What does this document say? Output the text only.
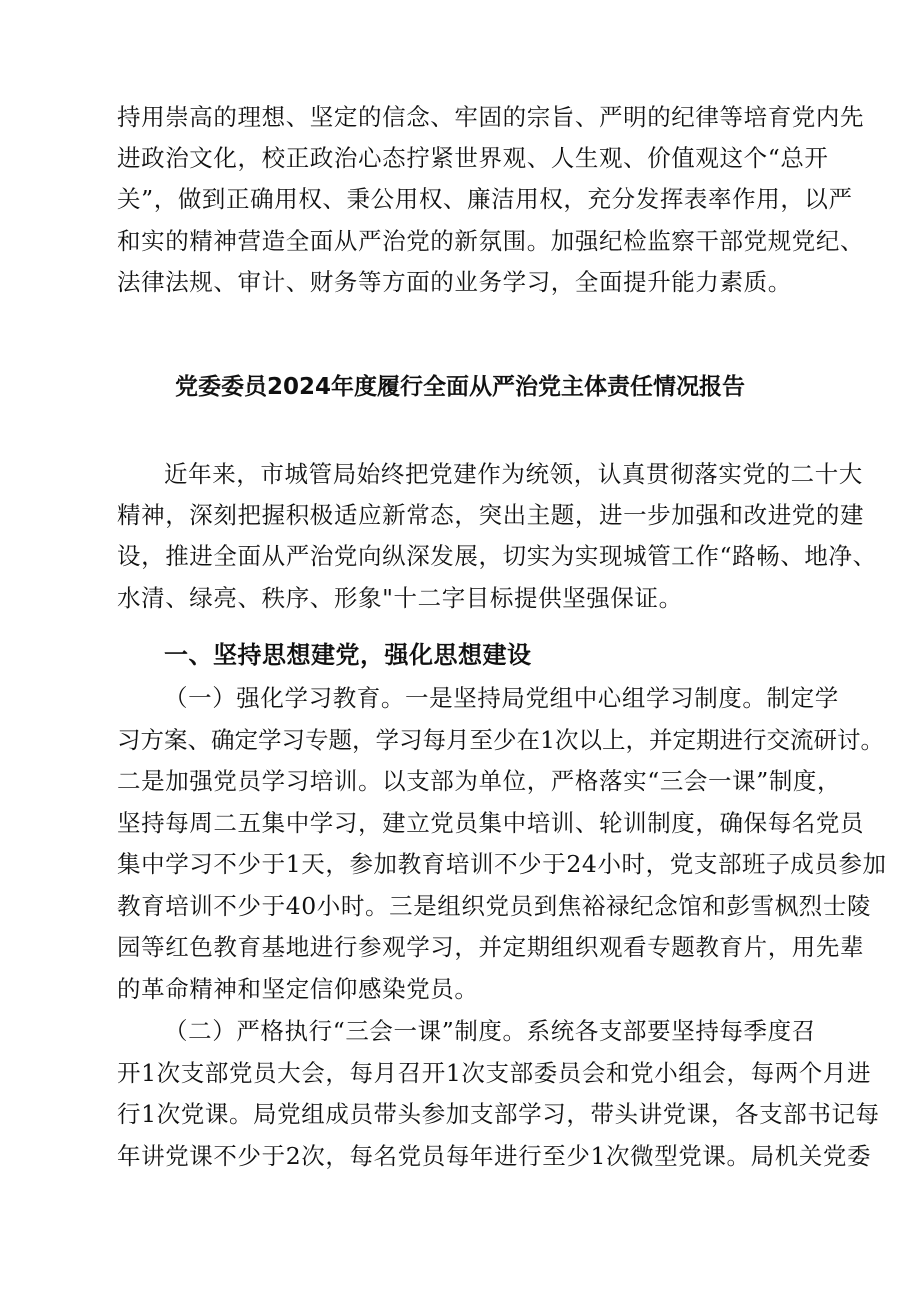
持用崇高的理想、坚定的信念、牢固的宗旨、严明的纪律等培育党内先
进政治文化，校正政治心态拧紧世界观、人生观、价值观这个“总开
关”，做到正确用权、秉公用权、廉洁用权，充分发挥表率作用，以严
和实的精神营造全面从严治党的新氛围。加强纪检监察干部党规党纪、
法律法规、审计、财务等方面的业务学习，全面提升能力素质。
党委委员2024年度履行全面从严治党主体责任情况报告
近年来，市城管局始终把党建作为统领，认真贯彻落实党的二十大
精神，深刻把握积极适应新常态，突出主题，进一步加强和改进党的建
设，推进全面从严治党向纵深发展，切实为实现城管工作“路畅、地净、
水清、绿亮、秩序、形象"十二字目标提供坚强保证。
一、坚持思想建党，强化思想建设
（一）强化学习教育。一是坚持局党组中心组学习制度。制定学
习方案、确定学习专题，学习每月至少在1次以上，并定期进行交流研讨。
二是加强党员学习培训。以支部为单位，严格落实“三会一课”制度，
坚持每周二五集中学习，建立党员集中培训、轮训制度，确保每名党员
集中学习不少于1天，参加教育培训不少于24小时，党支部班子成员参加
教育培训不少于40小时。三是组织党员到焦裕禄纪念馆和彭雪枫烈士陵
园等红色教育基地进行参观学习，并定期组织观看专题教育片，用先辈
的革命精神和坚定信仰感染党员。
（二）严格执行“三会一课”制度。系统各支部要坚持每季度召
开1次支部党员大会，每月召开1次支部委员会和党小组会，每两个月进
行1次党课。局党组成员带头参加支部学习，带头讲党课，各支部书记每
年讲党课不少于2次，每名党员每年进行至少1次微型党课。局机关党委
